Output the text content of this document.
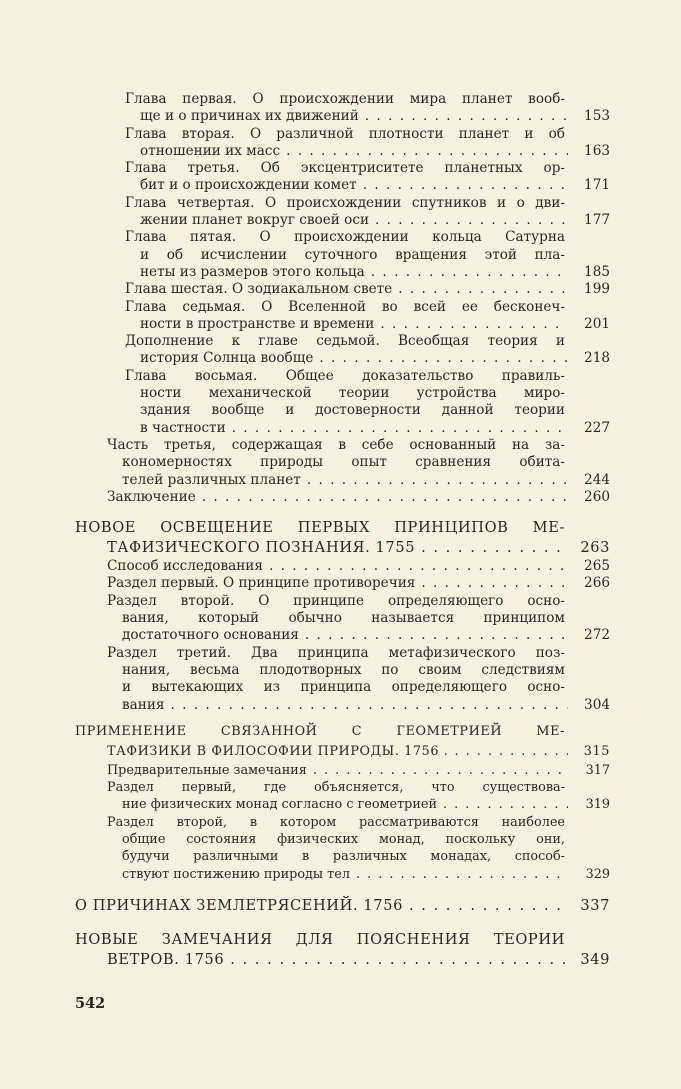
Глава первая. О происхождении мира планет вооб-
ще и о причинах их движений . . .	153
Глава вторая. О различной плотности планет и об
отношении их масс . . .	163
Глава третья. Об эксцентриситете планетных ор-
бит и о происхождении комет . . .	171
Глава четвертая. О происхождении спутников и о дви-
жении планет вокруг своей оси . . .	177
Глава пятая. О происхождении кольца Сатурна
и об исчислении суточного вращения этой пла-
неты из размеров этого кольца . . .	185
Глава шестая. О зодиакальном свете . . .	199
Глава седьмая. О Вселенной во всей ее бесконеч-
ности в пространстве и времени . . .	201
Дополнение к главе седьмой. Всеобщая теория и
история Солнца вообще . . .	218
Глава восьмая. Общее доказательство правиль-
ности механической теории устройства миро-
здания вообще и достоверности данной теории
в частности . . .	227
Часть третья, содержащая в себе основанный на за-
кономерностях природы опыт сравнения обита-
телей различных планет . . .	244
Заключение . . .	260
НОВОЕ ОСВЕЩЕНИЕ ПЕРВЫХ ПРИНЦИПОВ МЕ-
ТАФИЗИЧЕСКОГО ПОЗНАНИЯ. 1755 . . .	263
Способ исследования . . .	265
Раздел первый. О принципе противоречия . . .	266
Раздел второй. О принципе определяющего осно-
вания, который обычно называется принципом
достаточного основания . . .	272
Раздел третий. Два принципа метафизического поз-
нания, весьма плодотворных по своим следствиям
и вытекающих из принципа определяющего осно-
вания . . .	304
ПРИМЕНЕНИЕ СВЯЗАННОЙ С ГЕОМЕТРИЕЙ МЕ-
ТАФИЗИКИ В ФИЛОСОФИИ ПРИРОДЫ. 1756 . . . .	315
Предварительные замечания . . .	317
Раздел первый, где объясняется, что существова-
ние физических монад согласно с геометрией . . .	319
Раздел второй, в котором рассматриваются наиболее
общие состояния физических монад, поскольку они,
будучи различными в различных монадах, способ-
ствуют постижению природы тел . . .	329
О ПРИЧИНАХ ЗЕМЛЕТРЯСЕНИЙ. 1756 . . .	337
НОВЫЕ ЗАМЕЧАНИЯ ДЛЯ ПОЯСНЕНИЯ ТЕОРИИ
ВЕТРОВ. 1756 . . .	349
542
